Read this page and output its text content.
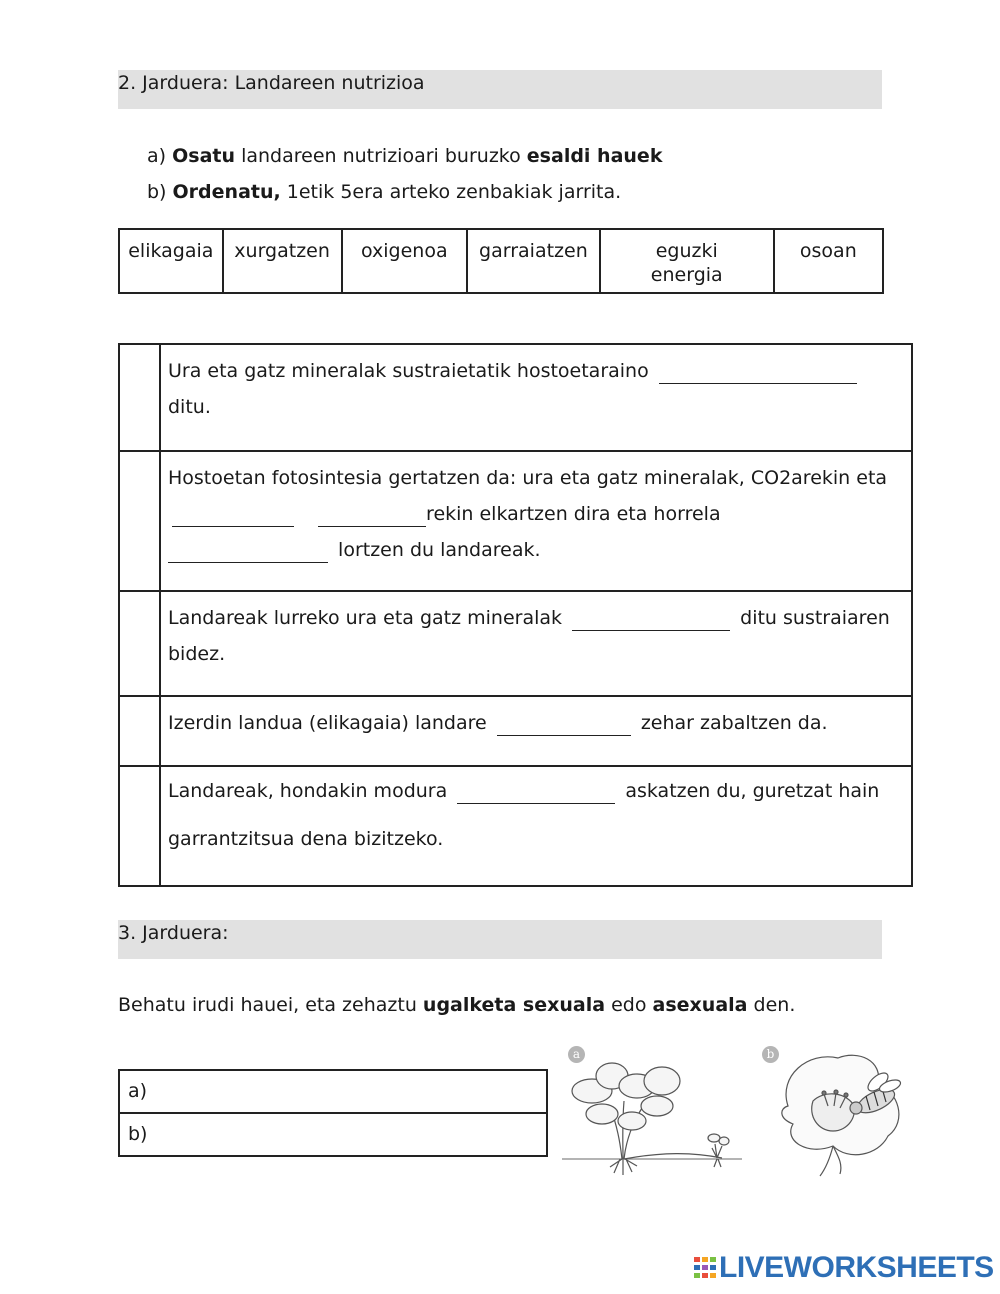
2. Jarduera: Landareen nutrizioa
a) Osatu landareen nutrizioari buruzko esaldi hauek
b) Ordenatu, 1etik 5era arteko zenbakiak jarrita.
elikagaia	xurgatzen	oxigenoa	garraiatzen	eguzki energia	osoan
	Ura eta gatz mineralak sustraietatik hostoetaraino
ditu.
	Hostoetan fotosintesia gertatzen da: ura eta gatz mineralak, CO2arekin eta  rekin elkartzen dira eta horrela
lortzen du landareak.
	Landareak lurreko ura eta gatz mineralak ditu sustraiaren bidez.
	Izerdin landua (elikagaia) landare zehar zabaltzen da.
	Landareak, hondakin modura askatzen du, guretzat hain
garrantzitsua dena bizitzeko.
3. Jarduera:
Behatu irudi hauei, eta zehaztu ugalketa sexuala edo asexuala den.
a)
b)
a	b
LIVEWORKSHEETS
